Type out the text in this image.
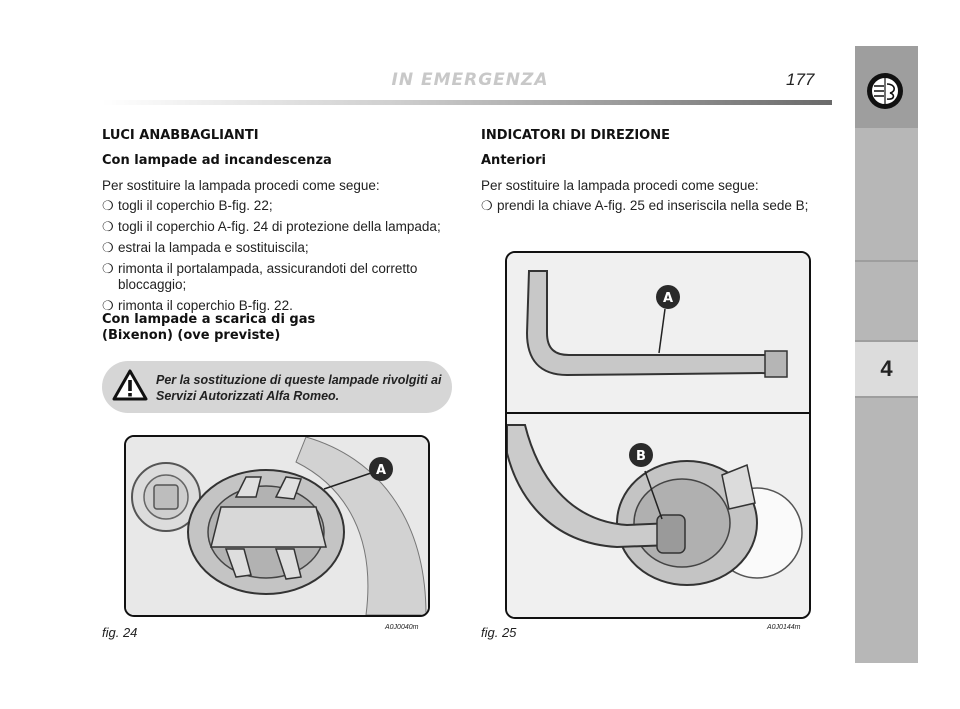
IN EMERGENZA	177
4
LUCI ANABBAGLIANTI
Con lampade ad incandescenza
Per sostituire la lampada procedi come segue:
❍ togli il coperchio B-fig. 22;
❍ togli il coperchio A-fig. 24 di protezione della lampada;
❍ estrai la lampada e sostituiscila;
❍ rimonta il portalampada, assicurandoti del corretto bloccaggio;
❍ rimonta il coperchio B-fig. 22.
Con lampade a scarica di gas
(Bixenon) (ove previste)
Per la sostituzione di queste lampade rivolgiti ai
Servizi Autorizzati Alfa Romeo.
A
fig. 24	A0J0040m
INDICATORI DI DIREZIONE
Anteriori
Per sostituire la lampada procedi come segue:
❍ prendi la chiave A-fig. 25 ed inseriscila nella sede B;
A
B
fig. 25	A0J0144m
